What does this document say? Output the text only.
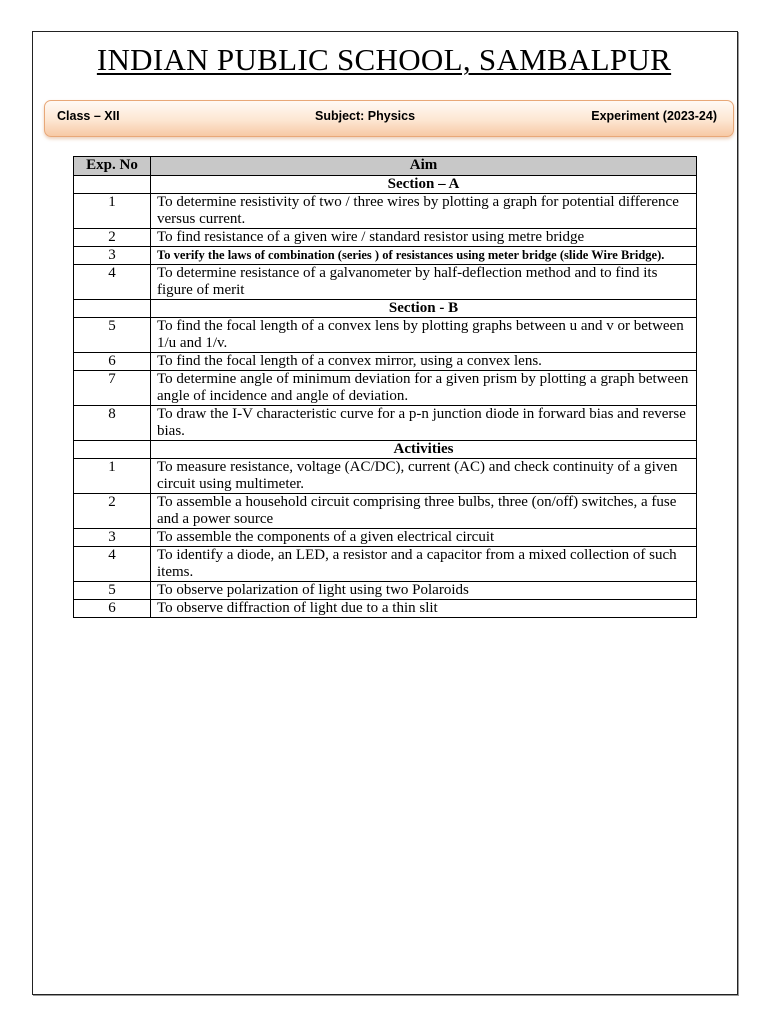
INDIAN PUBLIC SCHOOL, SAMBALPUR
Class – XII	Subject: Physics	Experiment (2023-24)
Exp. No	Aim
	Section – A
1	To determine resistivity of two / three wires by plotting a graph for potential difference versus current.
2	To find resistance of a given wire / standard resistor using metre bridge
3	To verify the laws of combination (series ) of resistances using meter bridge (slide Wire Bridge).
4	To determine resistance of a galvanometer by half-deflection method and to find its figure of merit
	Section - B
5	To find the focal length of a convex lens by plotting graphs between u and v or between 1/u and 1/v.
6	To find the focal length of a convex mirror, using a convex lens.
7	To determine angle of minimum deviation for a given prism by plotting a graph between angle of incidence and angle of deviation.
8	To draw the I-V characteristic curve for a p-n junction diode in forward bias and reverse bias.
	Activities
1	To measure resistance, voltage (AC/DC), current (AC) and check continuity of a given circuit using multimeter.
2	To assemble a household circuit comprising three bulbs, three (on/off) switches, a fuse and a power source
3	To assemble the components of a given electrical circuit
4	To identify a diode, an LED, a resistor and a capacitor from a mixed collection of such items.
5	To observe polarization of light using two Polaroids
6	To observe diffraction of light due to a thin slit
